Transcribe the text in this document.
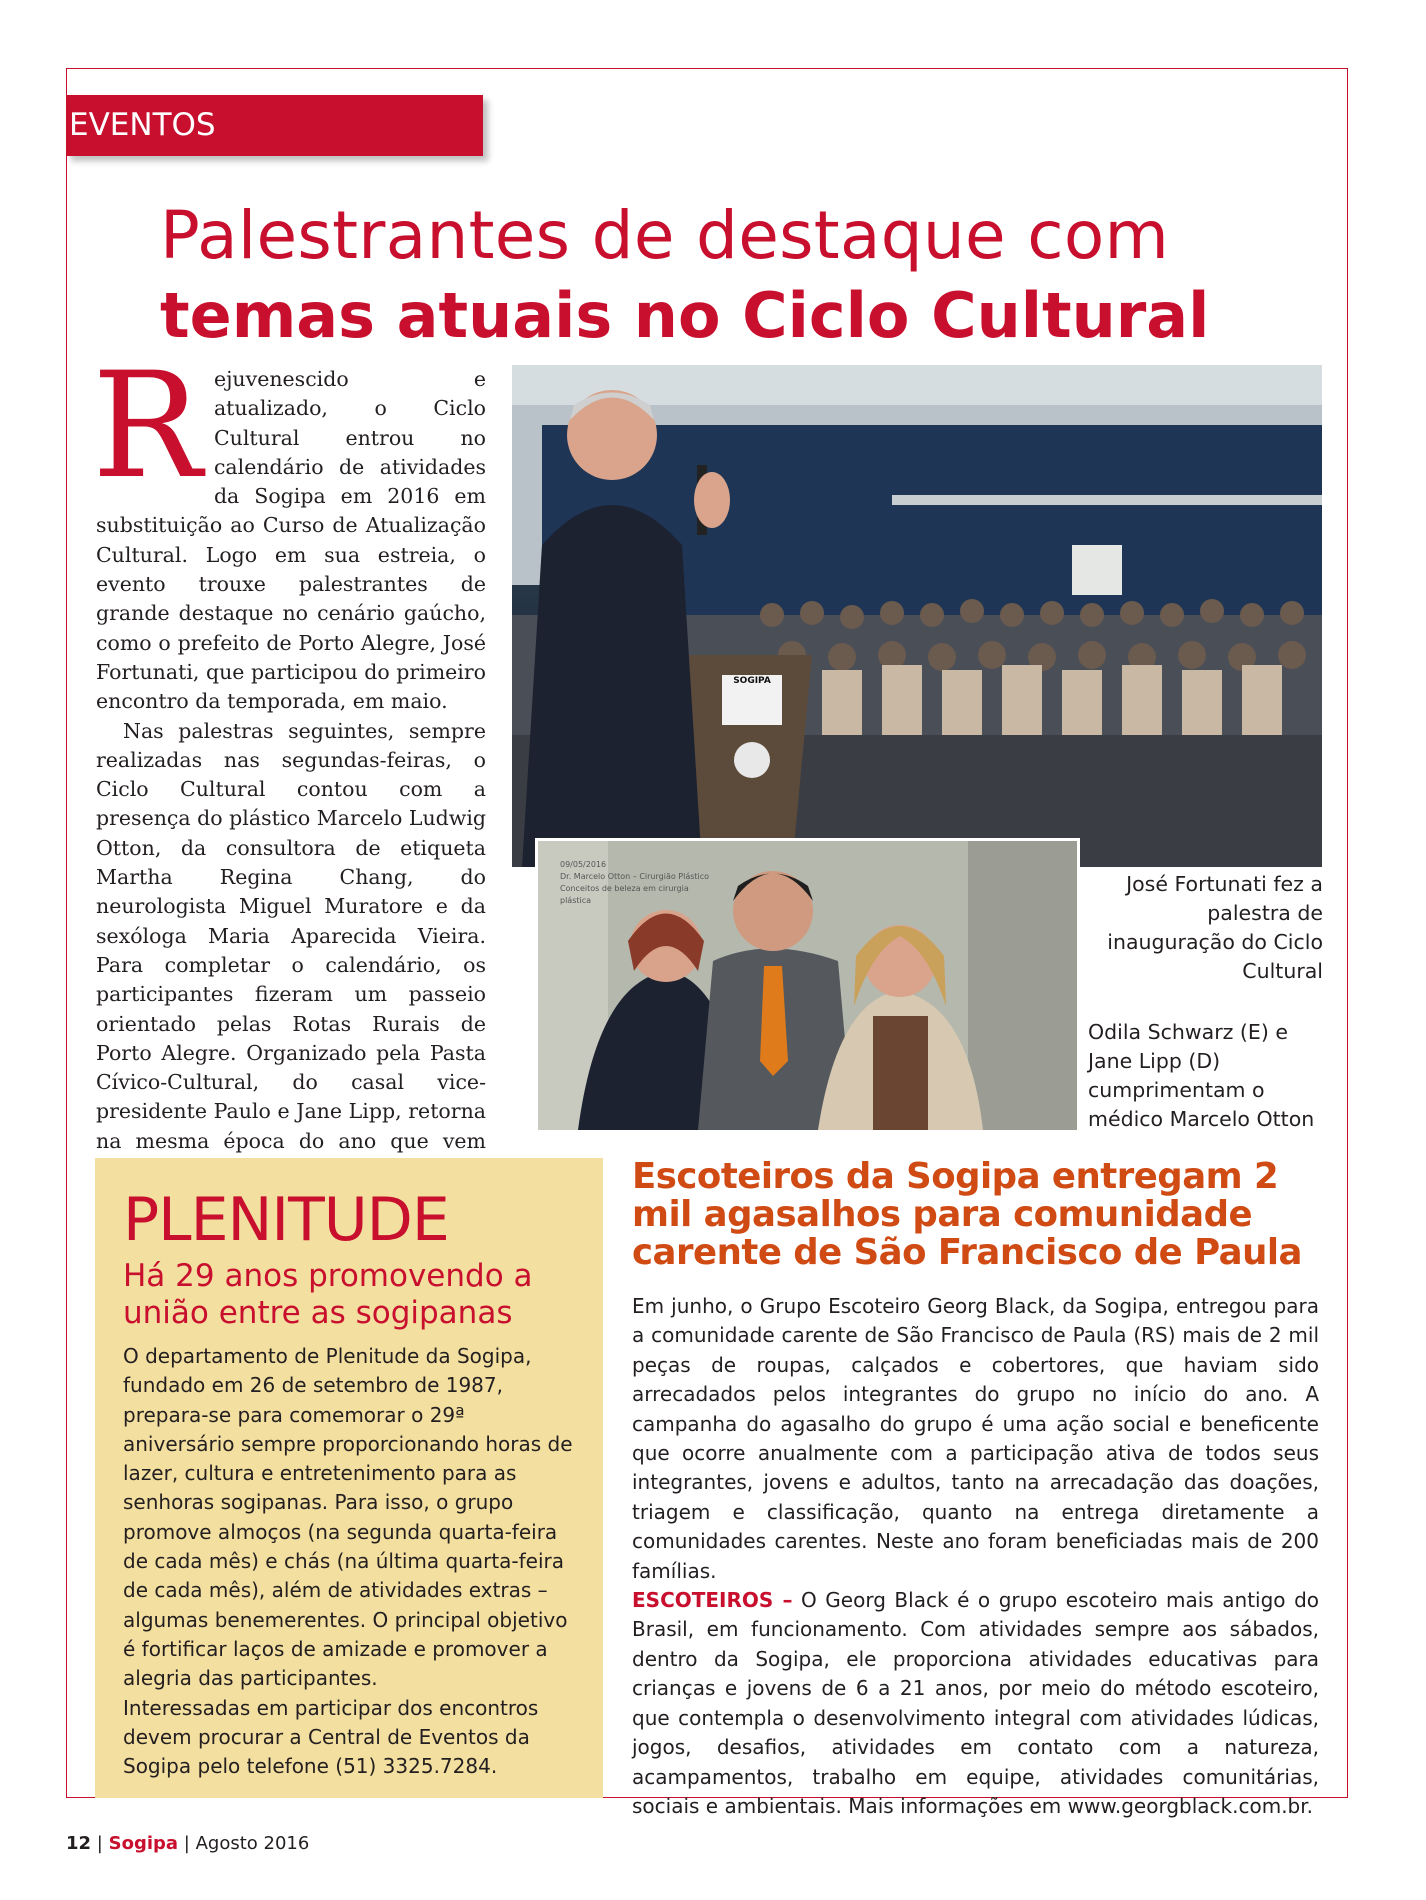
EVENTOS
Palestrantes de destaque com
temas atuais no Ciclo Cultural

Rejuvenescido e atualizado, o Ciclo Cultural entrou no calendário de atividades da Sogipa em 2016 em substituição ao Curso de Atualização Cultural. Logo em sua estreia, o evento trouxe palestrantes de grande destaque no cenário gaúcho, como o prefeito de Porto Alegre, José Fortunati, que participou do primeiro encontro da temporada, em maio.

Nas palestras seguintes, sempre realizadas nas segundas-feiras, o Ciclo Cultural contou com a presença do plástico Marcelo Ludwig Otton, da consultora de etiqueta Martha Regina Chang, do neurologista Miguel Muratore e da sexóloga Maria Aparecida Vieira. Para completar o calendário, os participantes fizeram um passeio orientado pelas Rotas Rurais de Porto Alegre. Organizado pela Pasta Cívico-Cultural, do casal vice-presidente Paulo e Jane Lipp, retorna na mesma época do ano que vem

SOGIPA
09/05/2016
Dr. Marcelo Otton – Cirurgião Plástico
Conceitos de beleza em cirurgia plástica
José Fortunati fez a palestra de inauguração do Ciclo Cultural
Odila Schwarz (E) e Jane Lipp (D) cumprimentam o médico Marcelo Otton
PLENITUDE
Há 29 anos promovendo a união entre as sogipanas

O departamento de Plenitude da Sogipa, fundado em 26 de setembro de 1987, prepara-se para comemorar o 29ª aniversário sempre proporcionando horas de lazer, cultura e entretenimento para as senhoras sogipanas. Para isso, o grupo promove almoços (na segunda quarta-feira de cada mês) e chás (na última quarta-feira de cada mês), além de atividades extras – algumas benemerentes. O principal objetivo é fortificar laços de amizade e promover a alegria das participantes.

Interessadas em participar dos encontros devem procurar a Central de Eventos da Sogipa pelo telefone (51) 3325.7284.

Escoteiros da Sogipa entregam 2 mil agasalhos para comunidade carente de São Francisco de Paula
Em junho, o Grupo Escoteiro Georg Black, da Sogipa, entregou para a comunidade carente de São Francisco de Paula (RS) mais de 2 mil peças de roupas, calçados e cobertores, que haviam sido arrecadados pelos integrantes do grupo no início do ano. A campanha do agasalho do grupo é uma ação social e beneficente que ocorre anualmente com a participação ativa de todos seus integrantes, jovens e adultos, tanto na arrecadação das doações, triagem e classificação, quanto na entrega diretamente a comunidades carentes. Neste ano foram beneficiadas mais de 200 famílias.
ESCOTEIROS – O Georg Black é o grupo escoteiro mais antigo do Brasil, em funcionamento. Com atividades sempre aos sábados, dentro da Sogipa, ele proporciona atividades educativas para crianças e jovens de 6 a 21 anos, por meio do método escoteiro, que contempla o desenvolvimento integral com atividades lúdicas, jogos, desafios, atividades em contato com a natureza, acampamentos, trabalho em equipe, atividades comunitárias, sociais e ambientais. Mais informações em www.georgblack.com.br.
12 | Sogipa | Agosto 2016
